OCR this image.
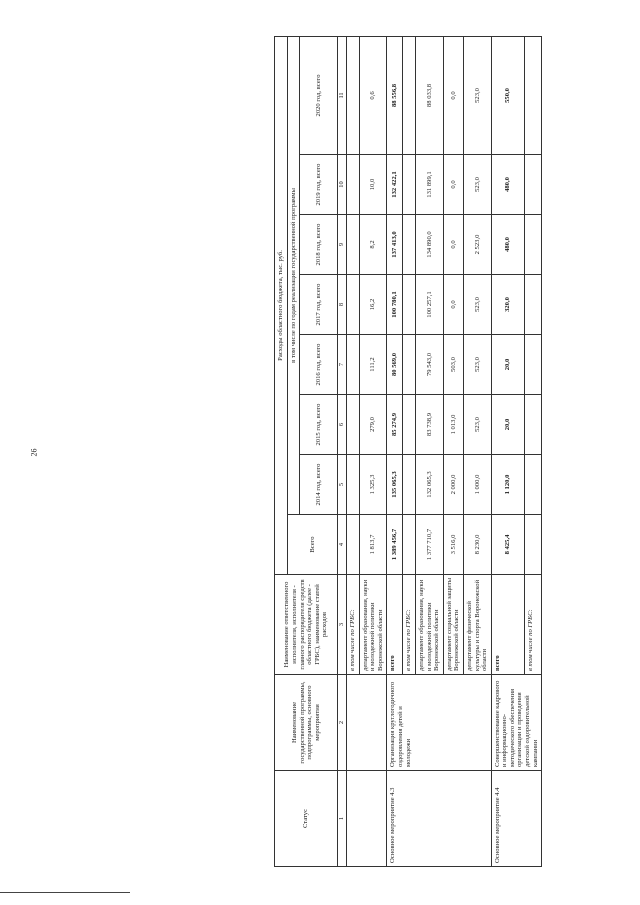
26
Статус	Наименование государственной программы, подпрограммы, основного мероприятия	Наименование ответственного исполнителя, исполнителя - главного распорядителя средств областного бюджета (далее - ГРБС), наименование статей расходов	Расходы областного бюджета, тыс. руб.							
			Всего	в том числе по годам реализации государственной программы						
				2014 год, всего	2015 год, всего	2016 год, всего	2017 год, всего	2018 год, всего	2019 год, всего	2020 год, всего
1	2	3	4	5	6	7	8	9	10	11
		в том числе по ГРБС:								
		департамент образования, науки и молодежной политики Воронежской области	1 813,7	1 325,3	279,0	111,2	16,2	8,2	10,0	0,6
Основное мероприятие 4.3	Организация круглогодичного оздоровления детей и молодежи	всего	1 389 456,7	135 065,3	85 274,9	80 569,0	100 780,1	137 413,0	132 422,1	88 556,8
		в том числе по ГРБС:								
		департамент образования, науки и молодежной политики Воронежской области	1 377 710,7	132 065,3	83 738,9	79 543,0	100 257,1	134 890,0	131 899,1	88 033,8
		департамент социальной защиты Воронежской области	3 516,0	2 000,0	1 013,0	503,0	0,0	0,0	0,0	0,0
		департамент физической культуры и спорта Воронежской области	8 230,0	1 000,0	523,0	523,0	523,0	2 523,0	523,0	523,0
Основное мероприятие 4.4	Совершенствование кадрового и информационно-методического обеспечения организации и проведения детской оздоровительной кампании	всего	8 425,4	1 120,0	20,0	20,0	320,0	480,0	480,0	550,0
		в том числе по ГРБС:								
